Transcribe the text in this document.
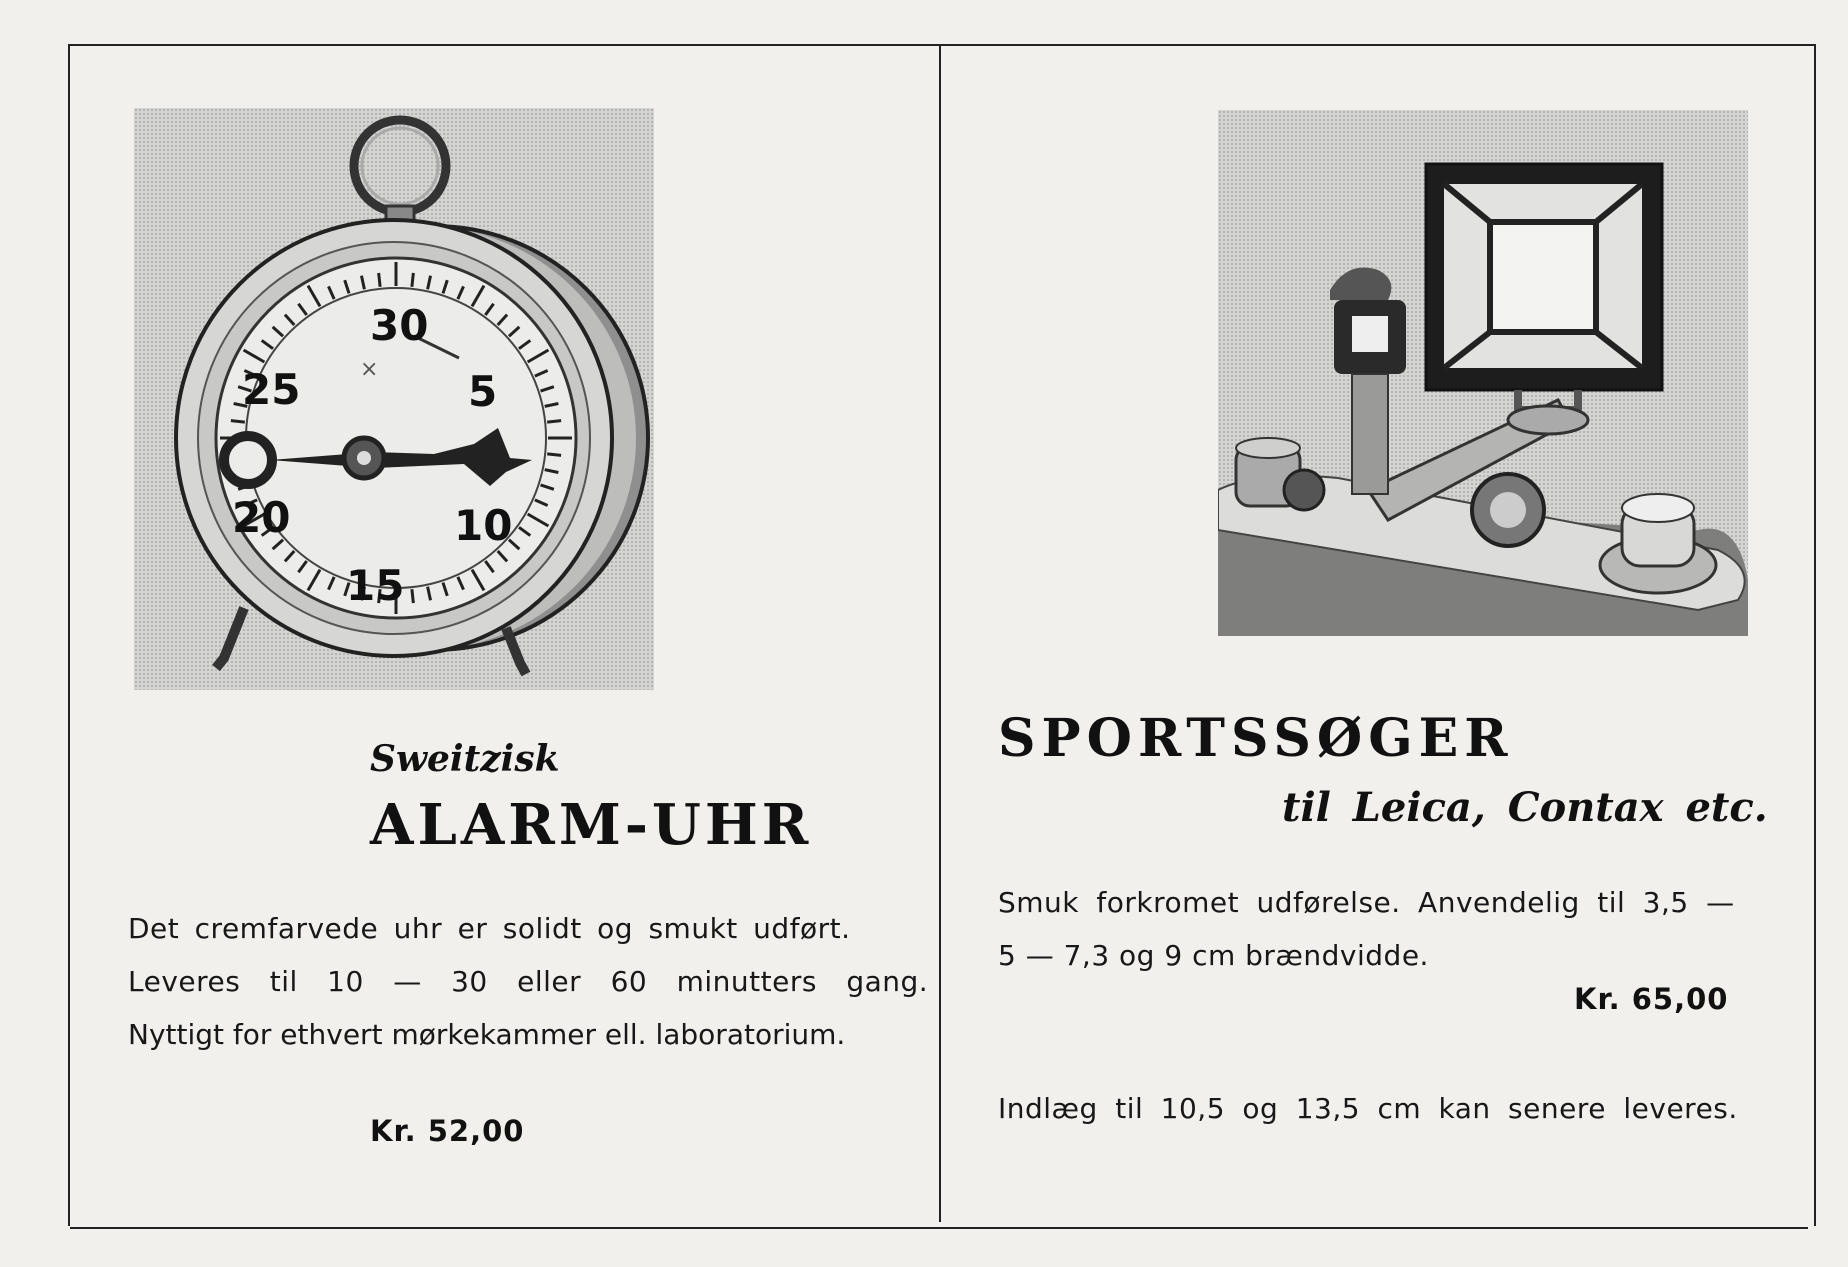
×
30
5
10
15
20
25
Sweitzisk
ALARM-UHR
Det cremfarvede uhr er solidt og smukt udført.
Leveres til 10 — 30 eller 60 minutters gang.
Nyttigt for ethvert mørkekammer ell. laboratorium.
Kr. 52,00
SPORTSSØGER
til Leica, Contax etc.
Smuk forkromet udførelse. Anvendelig til 3,5 —
5 — 7,3 og 9 cm brændvidde.
Kr. 65,00
Indlæg til 10,5 og 13,5 cm kan senere leveres.
